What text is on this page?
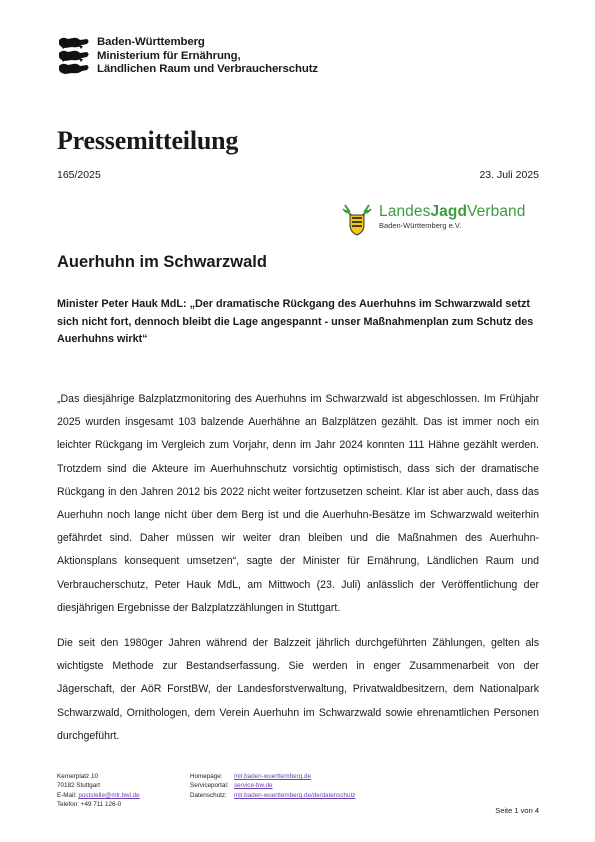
Baden-Württemberg
Ministerium für Ernährung,
Ländlichen Raum und Verbraucherschutz
Pressemitteilung
165/2025	23. Juli 2025
LandesJagdVerband
Baden-Württemberg e.V.
Auerhuhn im Schwarzwald
Minister Peter Hauk MdL: „Der dramatische Rückgang des Auerhuhns im Schwarzwald setzt sich nicht fort, dennoch bleibt die Lage angespannt - unser Maßnahmenplan zum Schutz des Auerhuhns wirkt“
„Das diesjährige Balzplatzmonitoring des Auerhuhns im Schwarzwald ist abgeschlossen. Im Frühjahr 2025 wurden insgesamt 103 balzende Auerhähne an Balzplätzen gezählt. Das ist immer noch ein leichter Rückgang im Vergleich zum Vorjahr, denn im Jahr 2024 konnten 111 Hähne gezählt werden. Trotzdem sind die Akteure im Auerhuhnschutz vorsichtig optimistisch, dass sich der dramatische Rückgang in den Jahren 2012 bis 2022 nicht weiter fortzusetzen scheint. Klar ist aber auch, dass das Auerhuhn noch lange nicht über dem Berg ist und die Auerhuhn-Besätze im Schwarzwald weiterhin gefährdet sind. Daher müssen wir weiter dran bleiben und die Maßnahmen des Auerhuhn-Aktionsplans konsequent umsetzen“, sagte der Minister für Ernährung, Ländlichen Raum und Verbraucherschutz, Peter Hauk MdL, am Mittwoch (23. Juli) anlässlich der Veröffentlichung der diesjährigen Ergebnisse der Balzplatzzählungen in Stuttgart.
Die seit den 1980ger Jahren während der Balzzeit jährlich durchgeführten Zählungen, gelten als wichtigste Methode zur Bestandserfassung. Sie werden in enger Zusammenarbeit von der Jägerschaft, der AöR ForstBW, der Landesforstverwaltung, Privatwaldbesitzern, dem Nationalpark Schwarzwald, Ornithologen, dem Verein Auerhuhn im Schwarzwald sowie ehrenamtlichen Personen durchgeführt.
Kernerplatz 10
70182 Stuttgart
E-Mail: poststelle@mlr.bwl.de
Telefon: +49 711 126-0
Homepage: mlr.baden-wuerttemberg.de
Serviceportal: service-bw.de
Datenschutz: mlr.baden-wuerttemberg.de/de/datenschutz
Seite 1 von 4
